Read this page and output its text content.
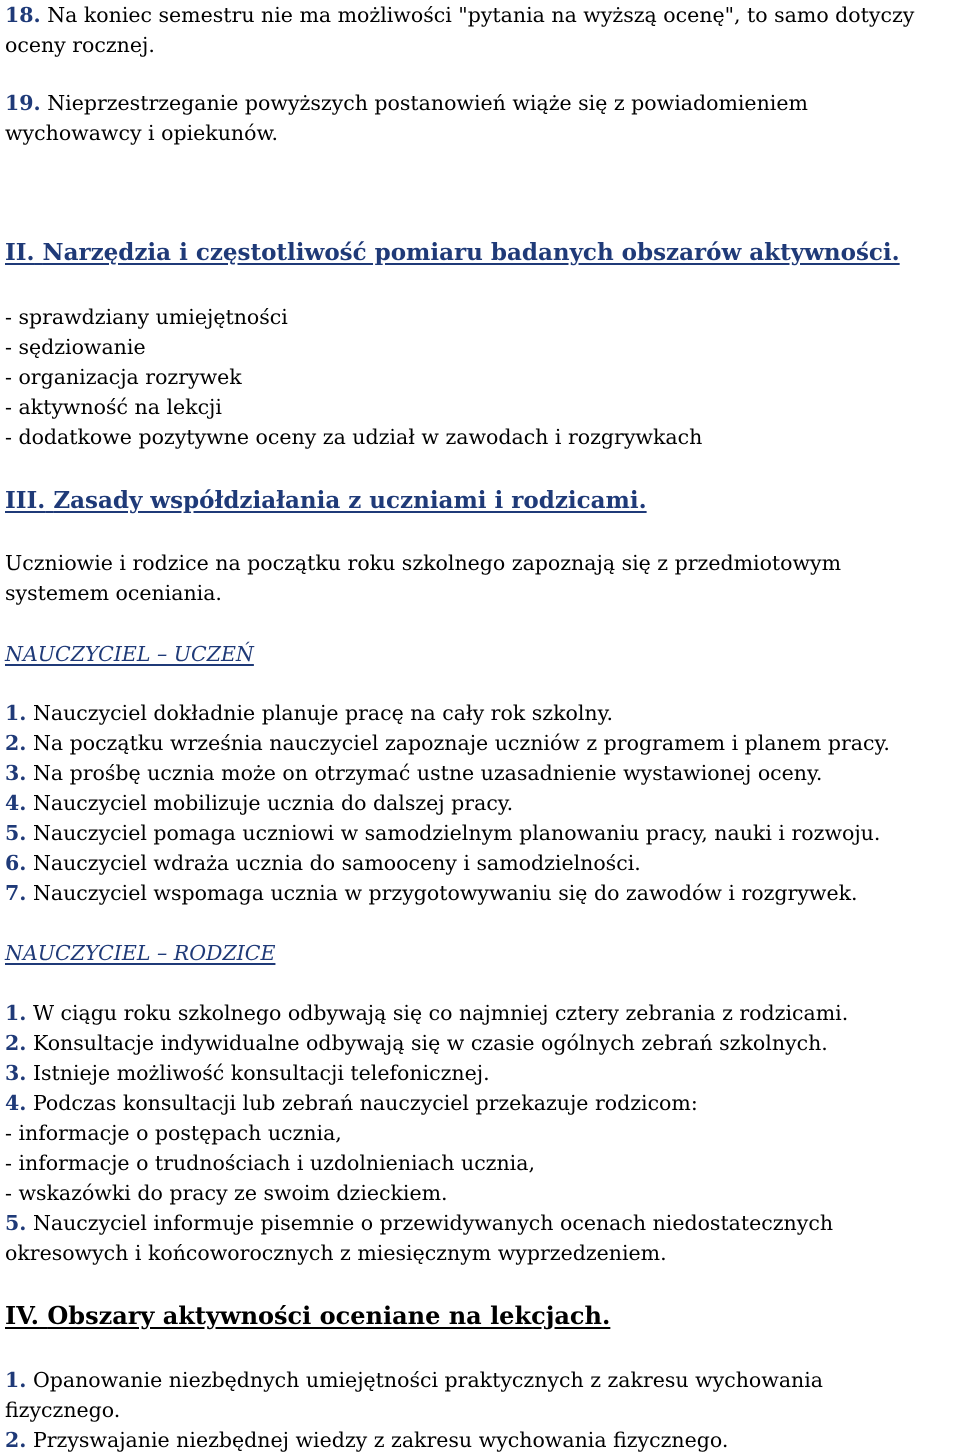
18. Na koniec semestru nie ma możliwości "pytania na wyższą ocenę", to samo dotyczy
oceny rocznej.
19. Nieprzestrzeganie powyższych postanowień wiąże się z powiadomieniem
wychowawcy i opiekunów.
II. Narzędzia i częstotliwość pomiaru badanych obszarów aktywności.
- sprawdziany umiejętności
- sędziowanie
- organizacja rozrywek
- aktywność na lekcji
- dodatkowe pozytywne oceny za udział w zawodach i rozgrywkach
III. Zasady współdziałania z uczniami i rodzicami.
Uczniowie i rodzice na początku roku szkolnego zapoznają się z przedmiotowym
systemem oceniania.
NAUCZYCIEL – UCZEŃ
1. Nauczyciel dokładnie planuje pracę na cały rok szkolny.
2. Na początku września nauczyciel zapoznaje uczniów z programem i planem pracy.
3. Na prośbę ucznia może on otrzymać ustne uzasadnienie wystawionej oceny.
4. Nauczyciel mobilizuje ucznia do dalszej pracy.
5. Nauczyciel pomaga uczniowi w samodzielnym planowaniu pracy, nauki i rozwoju.
6. Nauczyciel wdraża ucznia do samooceny i samodzielności.
7. Nauczyciel wspomaga ucznia w przygotowywaniu się do zawodów i rozgrywek.
NAUCZYCIEL – RODZICE
1. W ciągu roku szkolnego odbywają się co najmniej cztery zebrania z rodzicami.
2. Konsultacje indywidualne odbywają się w czasie ogólnych zebrań szkolnych.
3. Istnieje możliwość konsultacji telefonicznej.
4. Podczas konsultacji lub zebrań nauczyciel przekazuje rodzicom:
- informacje o postępach ucznia,
- informacje o trudnościach i uzdolnieniach ucznia,
- wskazówki do pracy ze swoim dzieckiem.
5. Nauczyciel informuje pisemnie o przewidywanych ocenach niedostatecznych
okresowych i końcoworocznych z miesięcznym wyprzedzeniem.
IV. Obszary aktywności oceniane na lekcjach.
1. Opanowanie niezbędnych umiejętności praktycznych z zakresu wychowania
fizycznego.
2. Przyswajanie niezbędnej wiedzy z zakresu wychowania fizycznego.
